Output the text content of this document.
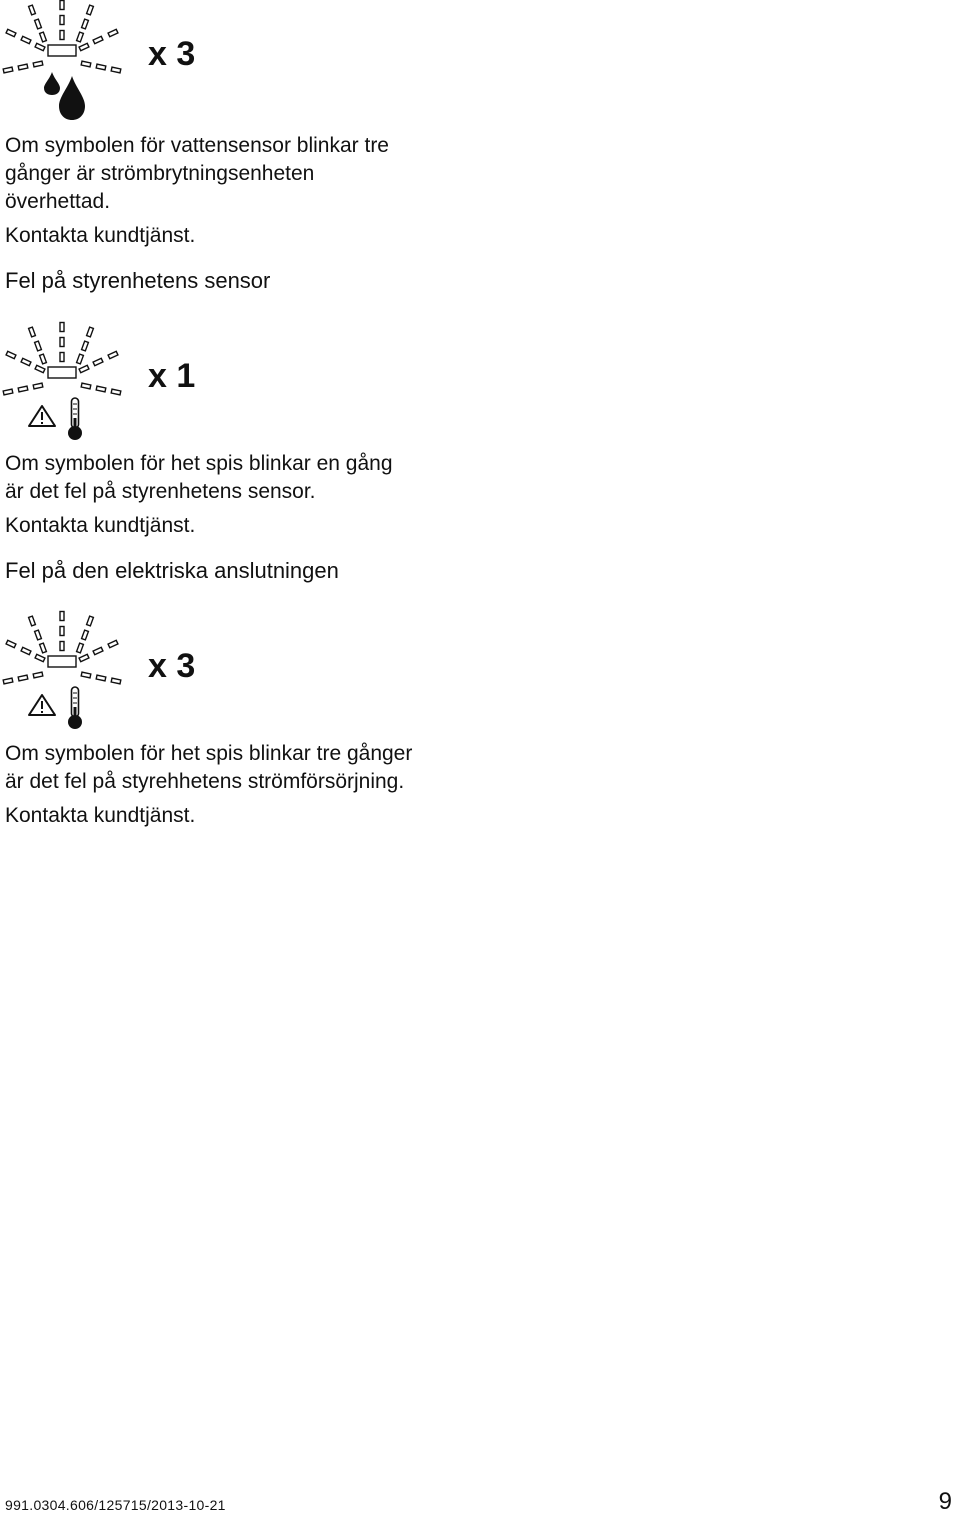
x 3

Om symbolen för vattensensor blinkar tre

gånger är strömbrytningsenheten

överhettad.

Kontakta kundtjänst.

Fel på styrenhetens sensor
x 1

Om symbolen för het spis blinkar en gång

är det fel på styrenhetens sensor.

Kontakta kundtjänst.

Fel på den elektriska anslutningen
x 3

Om symbolen för het spis blinkar tre gånger

är det fel på styrehhetens strömförsörjning.

Kontakta kundtjänst.

991.0304.606/125715/2013-10-21	9
